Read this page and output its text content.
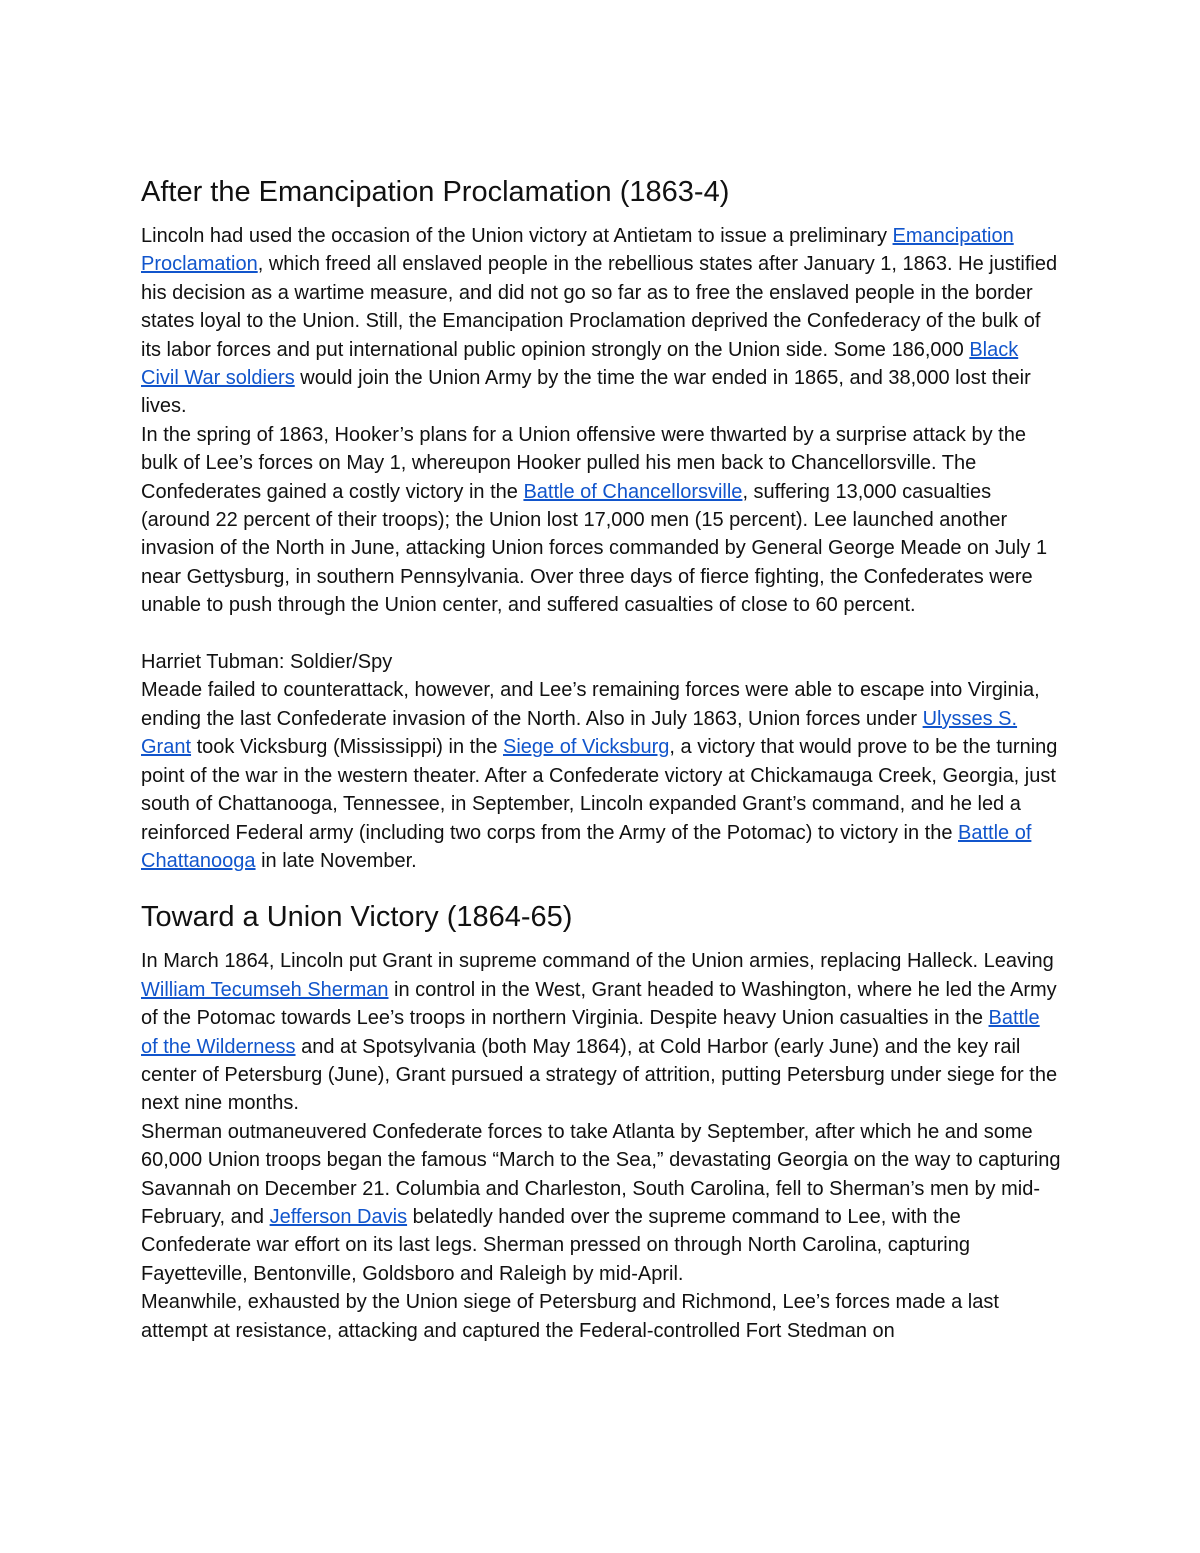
After the Emancipation Proclamation (1863-4)

Lincoln had used the occasion of the Union victory at Antietam to issue a preliminary Emancipation Proclamation, which freed all enslaved people in the rebellious states after January 1, 1863. He justified his decision as a wartime measure, and did not go so far as to free the enslaved people in the border states loyal to the Union. Still, the Emancipation Proclamation deprived the Confederacy of the bulk of its labor forces and put international public opinion strongly on the Union side. Some 186,000 Black Civil War soldiers would join the Union Army by the time the war ended in 1865, and 38,000 lost their lives.

In the spring of 1863, Hooker’s plans for a Union offensive were thwarted by a surprise attack by the bulk of Lee’s forces on May 1, whereupon Hooker pulled his men back to Chancellorsville. The Confederates gained a costly victory in the Battle of Chancellorsville, suffering 13,000 casualties (around 22 percent of their troops); the Union lost 17,000 men (15 percent). Lee launched another invasion of the North in June, attacking Union forces commanded by General George Meade on July 1 near Gettysburg, in southern Pennsylvania. Over three days of fierce fighting, the Confederates were unable to push through the Union center, and suffered casualties of close to 60 percent.

Harriet Tubman: Soldier/Spy

Meade failed to counterattack, however, and Lee’s remaining forces were able to escape into Virginia, ending the last Confederate invasion of the North. Also in July 1863, Union forces under Ulysses S. Grant took Vicksburg (Mississippi) in the Siege of Vicksburg, a victory that would prove to be the turning point of the war in the western theater. After a Confederate victory at Chickamauga Creek, Georgia, just south of Chattanooga, Tennessee, in September, Lincoln expanded Grant’s command, and he led a reinforced Federal army (including two corps from the Army of the Potomac) to victory in the Battle of Chattanooga in late November.

Toward a Union Victory (1864-65)

In March 1864, Lincoln put Grant in supreme command of the Union armies, replacing Halleck. Leaving William Tecumseh Sherman in control in the West, Grant headed to Washington, where he led the Army of the Potomac towards Lee’s troops in northern Virginia. Despite heavy Union casualties in the Battle of the Wilderness and at Spotsylvania (both May 1864), at Cold Harbor (early June) and the key rail center of Petersburg (June), Grant pursued a strategy of attrition, putting Petersburg under siege for the next nine months.

Sherman outmaneuvered Confederate forces to take Atlanta by September, after which he and some 60,000 Union troops began the famous “March to the Sea,” devastating Georgia on the way to capturing Savannah on December 21. Columbia and Charleston, South Carolina, fell to Sherman’s men by mid-February, and Jefferson Davis belatedly handed over the supreme command to Lee, with the Confederate war effort on its last legs. Sherman pressed on through North Carolina, capturing Fayetteville, Bentonville, Goldsboro and Raleigh by mid-April.

Meanwhile, exhausted by the Union siege of Petersburg and Richmond, Lee’s forces made a last attempt at resistance, attacking and captured the Federal-controlled Fort Stedman on
